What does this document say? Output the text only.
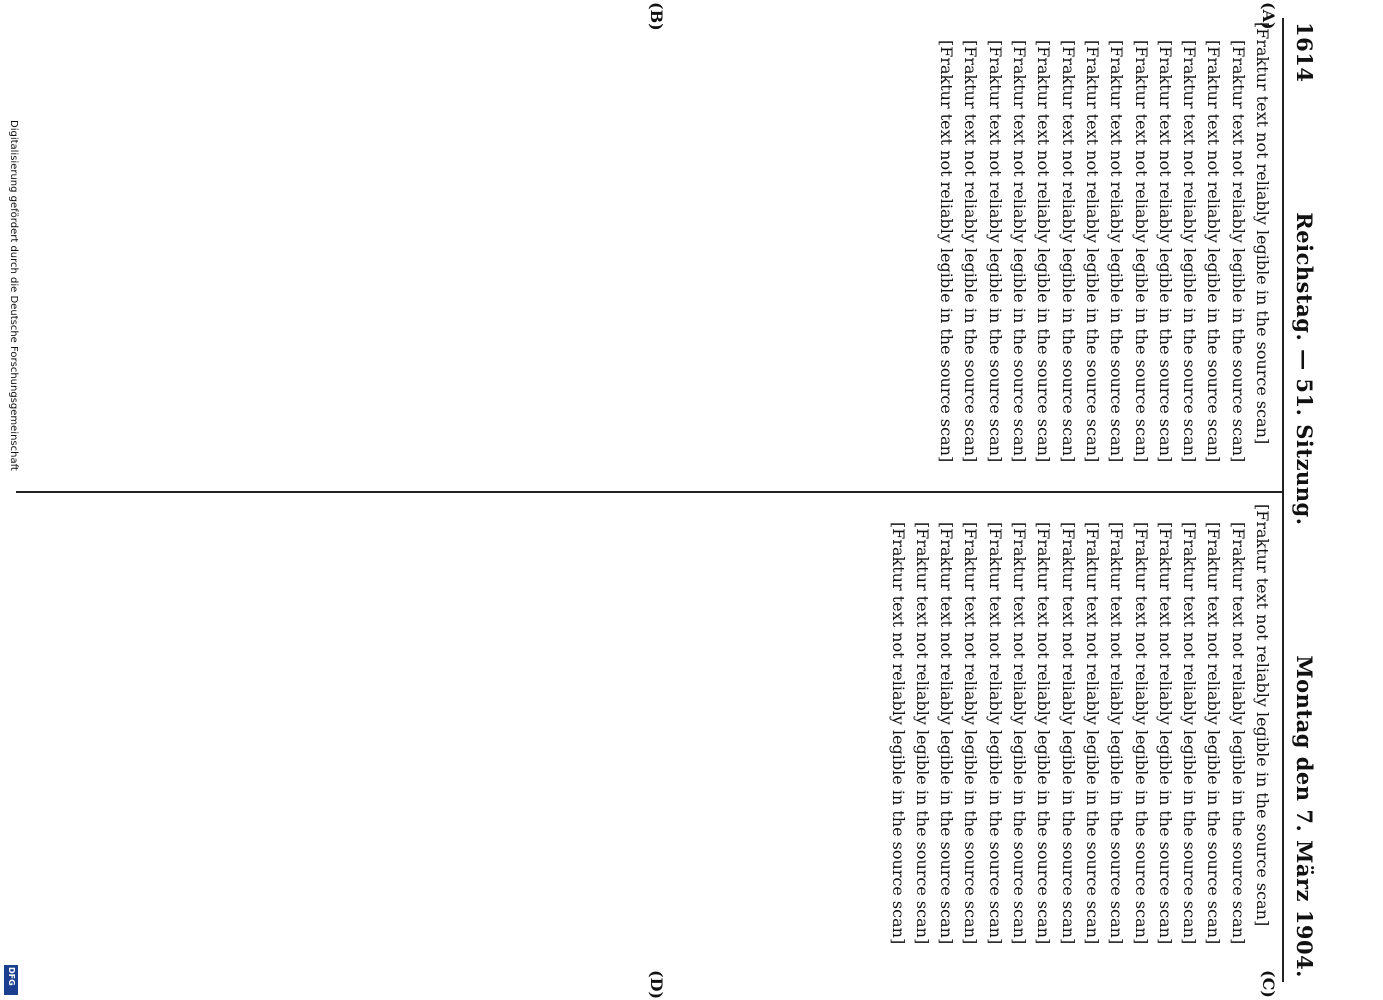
Digitalisierung gefördert durch die Deutsche Forschungsgemeinschaft
DFG
1614
Reichstag. — 51. Sitzung.
Montag den 7. März 1904.
(A)
(B)
(C)
(D)

[Fraktur text not reliably legible in the source scan]

[Fraktur text not reliably legible in the source scan]

[Fraktur text not reliably legible in the source scan]

[Fraktur text not reliably legible in the source scan]

[Fraktur text not reliably legible in the source scan]

[Fraktur text not reliably legible in the source scan]

[Fraktur text not reliably legible in the source scan]

[Fraktur text not reliably legible in the source scan]

[Fraktur text not reliably legible in the source scan]

[Fraktur text not reliably legible in the source scan]

[Fraktur text not reliably legible in the source scan]

[Fraktur text not reliably legible in the source scan]

[Fraktur text not reliably legible in the source scan]

[Fraktur text not reliably legible in the source scan]

[Fraktur text not reliably legible in the source scan]

[Fraktur text not reliably legible in the source scan]

[Fraktur text not reliably legible in the source scan]

[Fraktur text not reliably legible in the source scan]

[Fraktur text not reliably legible in the source scan]

[Fraktur text not reliably legible in the source scan]

[Fraktur text not reliably legible in the source scan]

[Fraktur text not reliably legible in the source scan]

[Fraktur text not reliably legible in the source scan]

[Fraktur text not reliably legible in the source scan]

[Fraktur text not reliably legible in the source scan]

[Fraktur text not reliably legible in the source scan]

[Fraktur text not reliably legible in the source scan]

[Fraktur text not reliably legible in the source scan]

[Fraktur text not reliably legible in the source scan]

[Fraktur text not reliably legible in the source scan]
